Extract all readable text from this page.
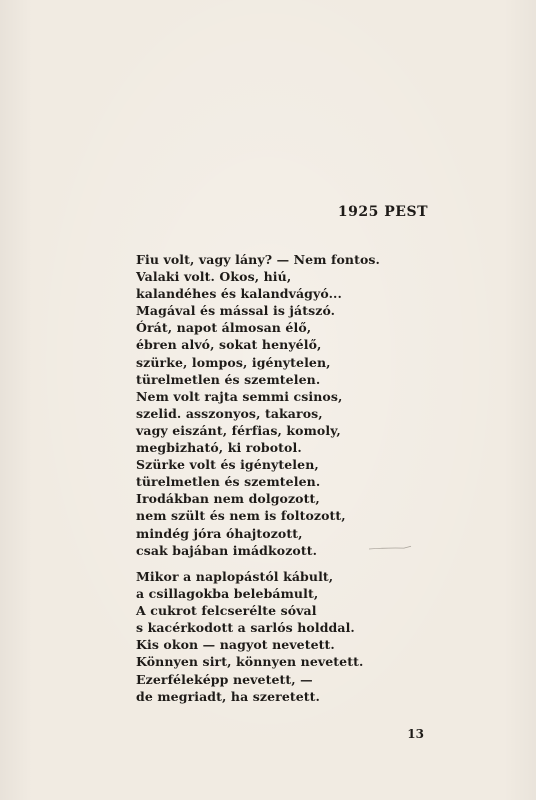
1925 PEST
Fiu volt, vagy lány? — Nem fontos.
Valaki volt. Okos, hiú,
kalandéhes és kalandvágyó...
Magával és mással is játszó.
Órát, napot álmosan élő,
ébren alvó, sokat henyélő,
szürke, lompos, igénytelen,
türelmetlen és szemtelen.
Nem volt rajta semmi csinos,
szelid. asszonyos, takaros,
vagy eiszánt, férfias, komoly,
megbizható, ki robotol.
Szürke volt és igénytelen,
türelmetlen és szemtelen.
Irodákban nem dolgozott,
nem szült és nem is foltozott,
mindég jóra óhajtozott,
csak bajában imádkozott.
Mikor a naplopástól kábult,
a csillagokba belebámult,
A cukrot felcserélte sóval
s kacérkodott a sarlós holddal.
Kis okon — nagyot nevetett.
Könnyen sirt, könnyen nevetett.
Ezerféleképp nevetett, —
de megriadt, ha szeretett.

13
